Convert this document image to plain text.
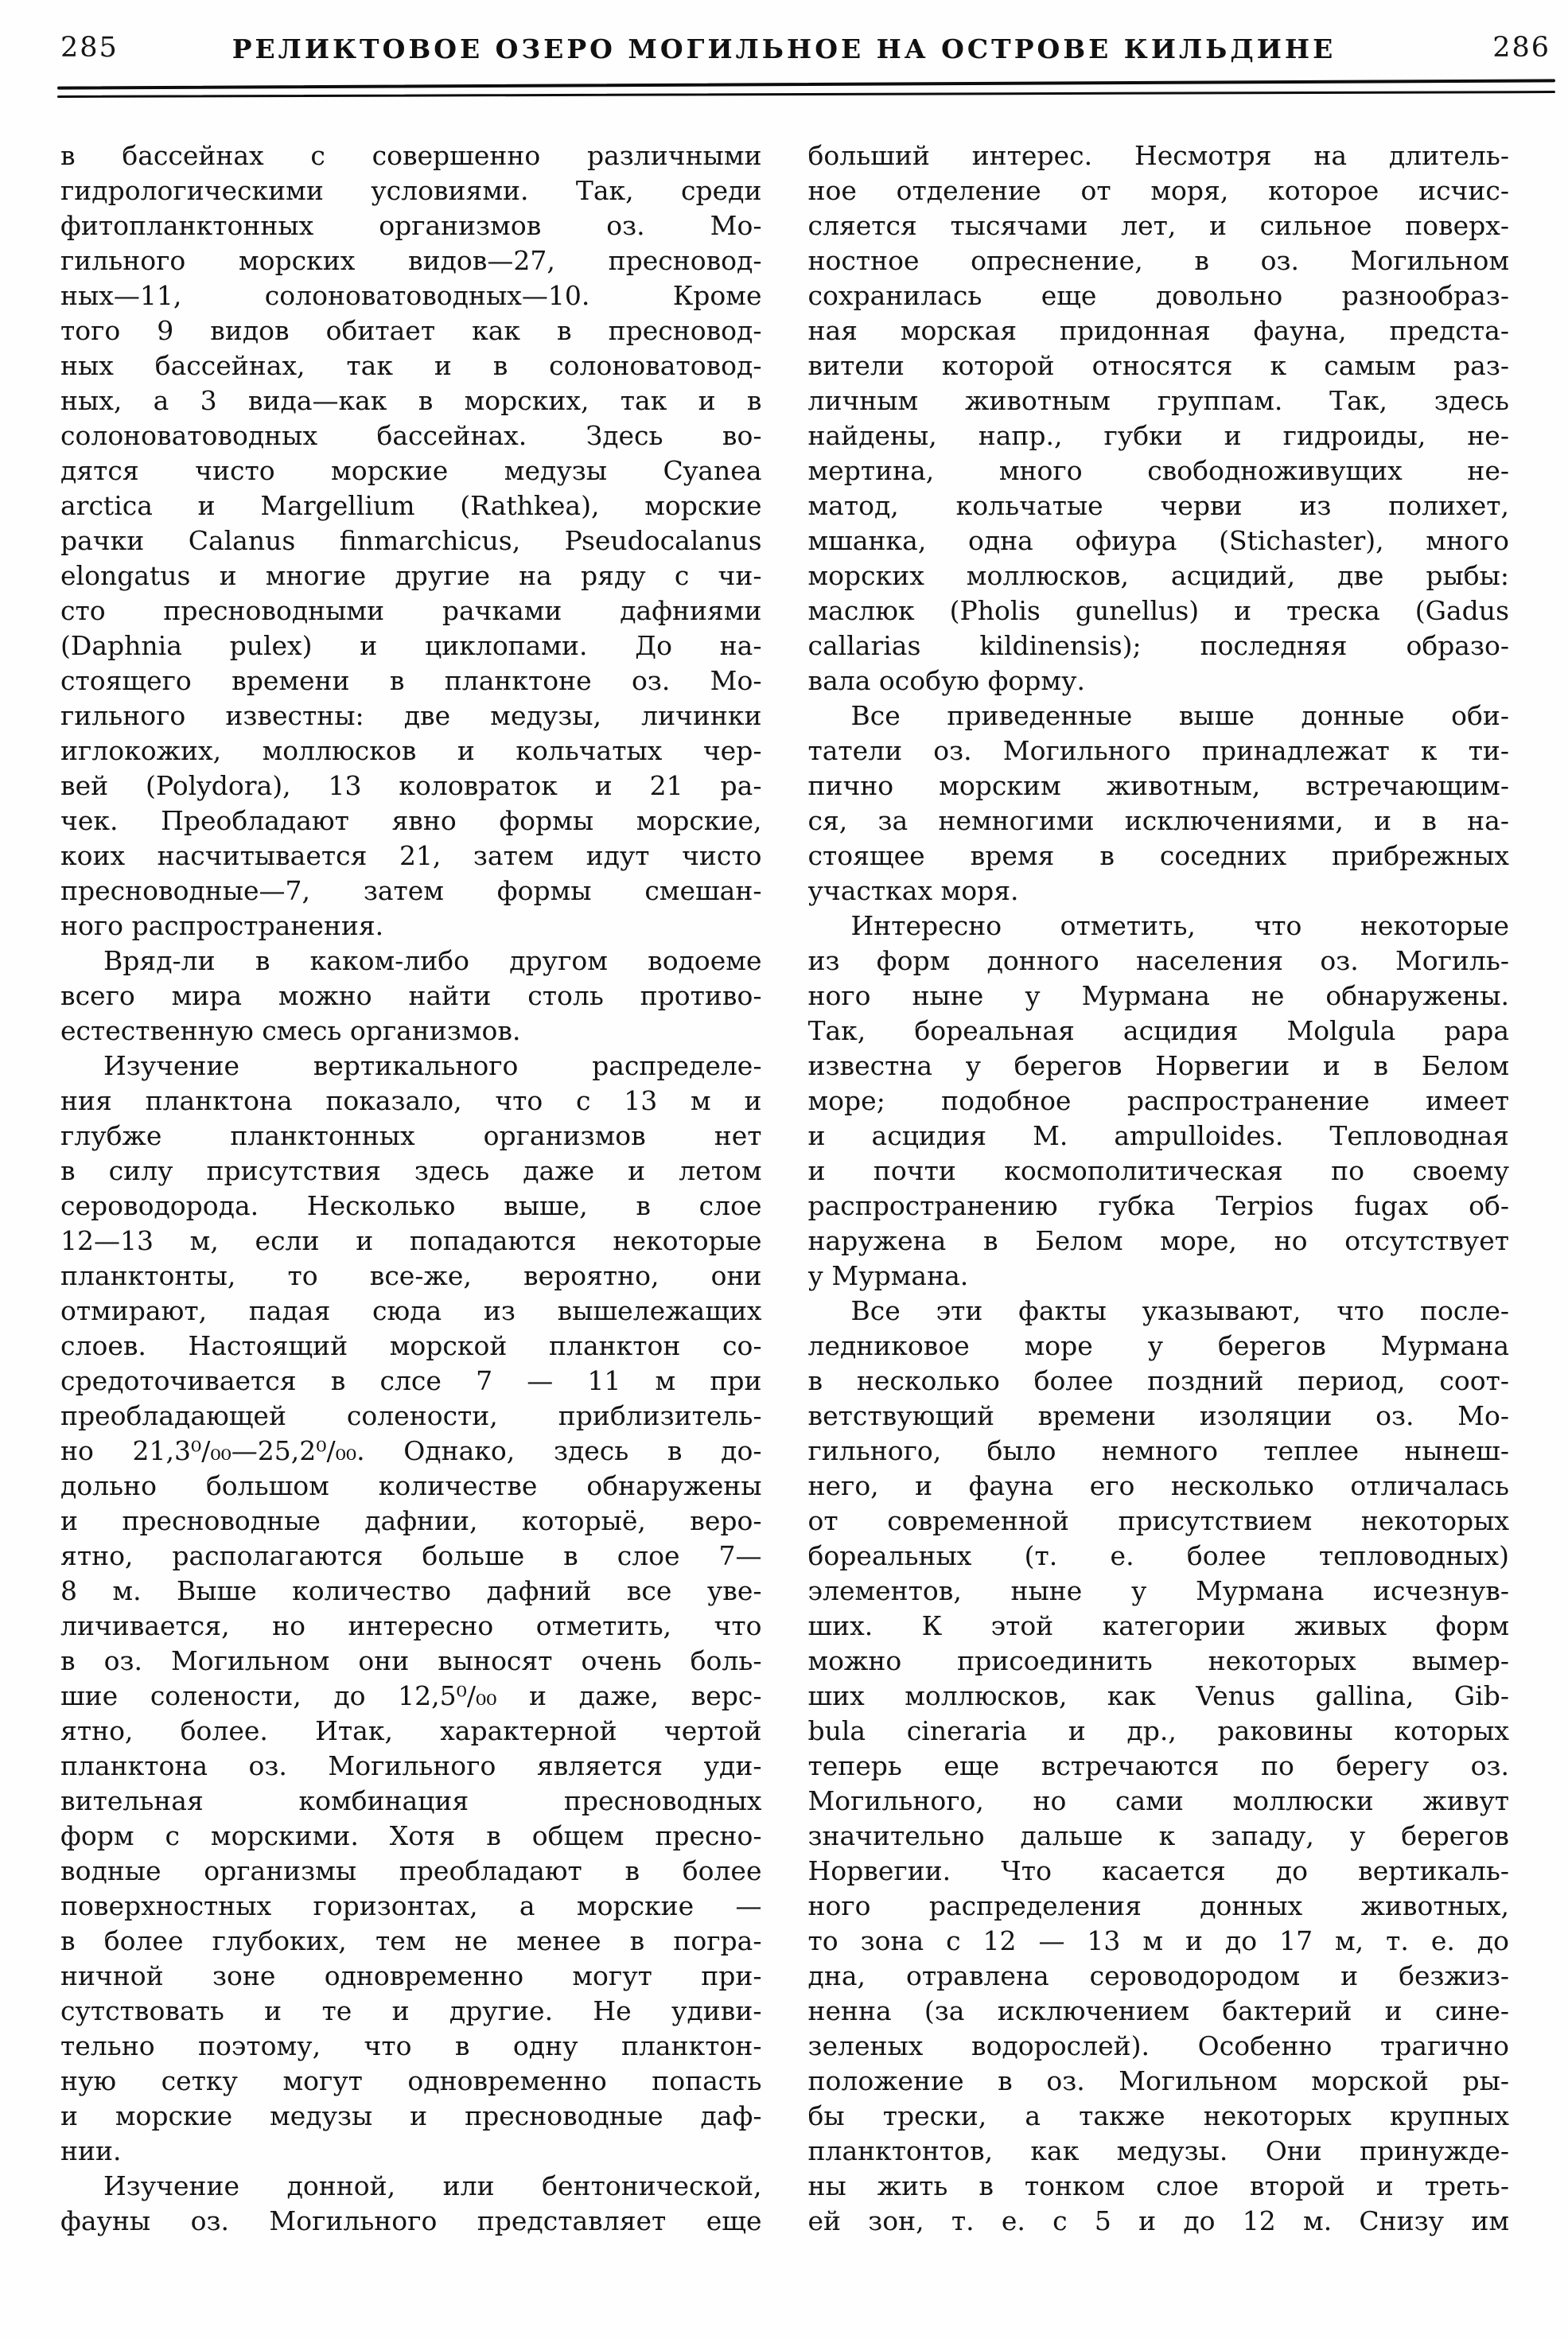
285	РЕЛИКТОВОЕ ОЗЕРО МОГИЛЬНОЕ НА ОСТРОВЕ КИЛЬДИНЕ	286
в бассейнах с совершенно различными
гидрологическими условиями. Так, среди
фитопланктонных организмов оз. Мо-
гильного морских видов—27, пресновод-
ных—11, солоноватоводных—10. Кроме
того 9 видов обитает как в пресновод-
ных бассейнах, так и в солоноватовод-
ных, а 3 вида—как в морских, так и в
солоноватоводных бассейнах. Здесь во-
дятся чисто морские медузы Cyanea
arctica и Margellium (Rathkea), морские
рачки Calanus finmarchicus, Pseudocalanus
elongatus и многие другие на ряду с чи-
сто пресноводными рачками дафниями
(Daphnia pulex) и циклопами. До на-
стоящего времени в планктоне оз. Мо-
гильного известны: две медузы, личинки
иглокожих, моллюсков и кольчатых чер-
вей (Polydora), 13 коловраток и 21 ра-
чек. Преобладают явно формы морские,
коих насчитывается 21, затем идут чисто
пресноводные—7, затем формы смешан-
ного распространения.
Вряд-ли в каком-либо другом водоеме
всего мира можно найти столь противо-
естественную смесь организмов.
Изучение вертикального распределе-
ния планктона показало, что с 13 м и
глубже планктонных организмов нет
в силу присутствия здесь даже и летом
сероводорода. Несколько выше, в слое
12—13 м, если и попадаются некоторые
планктонты, то все-же, вероятно, они
отмирают, падая сюда из вышележащих
слоев. Настоящий морской планктон со-
средоточивается в слсе 7 — 11 м при
преобладающей солености, приблизитель-
но 21,3⁰/₀₀—25,2⁰/₀₀. Однако, здесь в до-
дольно большом количестве обнаружены
и пресноводные дафнии, которыё, веро-
ятно, располагаются больше в слое 7—
8 м. Выше количество дафний все уве-
личивается, но интересно отметить, что
в оз. Могильном они выносят очень боль-
шие солености, до 12,5⁰/₀₀ и даже, верс-
ятно, более. Итак, характерной чертой
планктона оз. Могильного является уди-
вительная комбинация пресноводных
форм с морскими. Хотя в общем пресно-
водные организмы преобладают в более
поверхностных горизонтах, а морские —
в более глубоких, тем не менее в погра-
ничной зоне одновременно могут при-
сутствовать и те и другие. Не удиви-
тельно поэтому, что в одну планктон-
ную сетку могут одновременно попасть
и морские медузы и пресноводные даф-
нии.
Изучение донной, или бентонической,
фауны оз. Могильного представляет еще
больший интерес. Несмотря на длитель-
ное отделение от моря, которое исчис-
сляется тысячами лет, и сильное поверх-
ностное опреснение, в оз. Могильном
сохранилась еще довольно разнообраз-
ная морская придонная фауна, предста-
вители которой относятся к самым раз-
личным животным группам. Так, здесь
найдены, напр., губки и гидроиды, не-
мертина, много свободноживущих не-
матод, кольчатые черви из полихет,
мшанка, одна офиура (Stichaster), много
морских моллюсков, асцидий, две рыбы:
маслюк (Pholis gunellus) и треска (Gadus
callarias kildinensis); последняя образо-
вала особую форму.
Все приведенные выше донные оби-
татели оз. Могильного принадлежат к ти-
пично морским животным, встречающим-
ся, за немногими исключениями, и в на-
стоящее время в соседних прибрежных
участках моря.
Интересно отметить, что некоторые
из форм донного населения оз. Могиль-
ного ныне у Мурмана не обнаружены.
Так, бореальная асцидия Molgula papa
известна у берегов Норвегии и в Белом
море; подобное распространение имеет
и асцидия M. ampulloides. Тепловодная
и почти космополитическая по своему
распространению губка Terpios fugax об-
наружена в Белом море, но отсутствует
у Мурмана.
Все эти факты указывают, что после-
ледниковое море у берегов Мурмана
в несколько более поздний период, соот-
ветствующий времени изоляции оз. Мо-
гильного, было немного теплее нынеш-
него, и фауна его несколько отличалась
от современной присутствием некоторых
бореальных (т. е. более тепловодных)
элементов, ныне у Мурмана исчезнув-
ших. К этой категории живых форм
можно присоединить некоторых вымер-
ших моллюсков, как Venus gallina, Gib-
bula cineraria и др., раковины которых
теперь еще встречаются по берегу оз.
Могильного, но сами моллюски живут
значительно дальше к западу, у берегов
Норвегии. Что касается до вертикаль-
ного распределения донных животных,
то зона с 12 — 13 м и до 17 м, т. е. до
дна, отравлена сероводородом и безжиз-
ненна (за исключением бактерий и сине-
зеленых водорослей). Особенно трагично
положение в оз. Могильном морской ры-
бы трески, а также некоторых крупных
планктонтов, как медузы. Они принужде-
ны жить в тонком слое второй и треть-
ей зон, т. е. с 5 и до 12 м. Снизу им
